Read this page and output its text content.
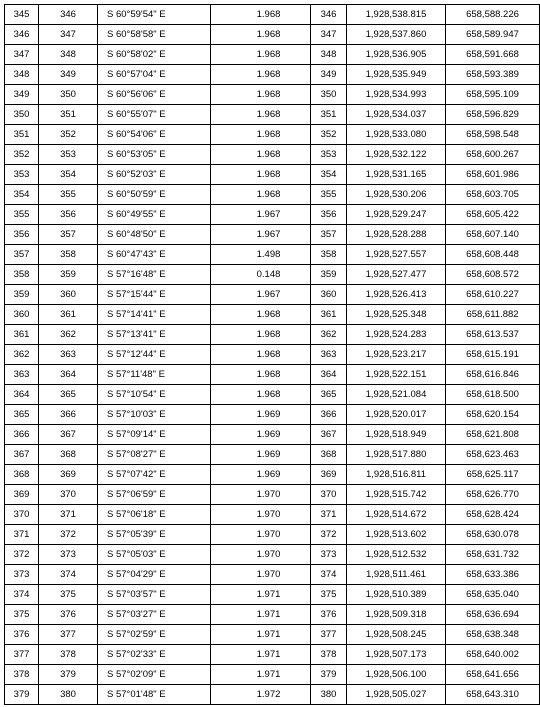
345	346	S 60°59'54" E	1.968	346	1,928,538.815	658,588.226
346	347	S 60°58'58" E	1.968	347	1,928,537.860	658,589.947
347	348	S 60°58'02" E	1.968	348	1,928,536.905	658,591.668
348	349	S 60°57'04" E	1.968	349	1,928,535.949	658,593.389
349	350	S 60°56'06" E	1.968	350	1,928,534.993	658,595.109
350	351	S 60°55'07" E	1.968	351	1,928,534.037	658,596.829
351	352	S 60°54'06" E	1.968	352	1,928,533.080	658,598.548
352	353	S 60°53'05" E	1.968	353	1,928,532.122	658,600.267
353	354	S 60°52'03" E	1.968	354	1,928,531.165	658,601.986
354	355	S 60°50'59" E	1.968	355	1,928,530.206	658,603.705
355	356	S 60°49'55" E	1.967	356	1,928,529.247	658,605.422
356	357	S 60°48'50" E	1.967	357	1,928,528.288	658,607.140
357	358	S 60°47'43" E	1.498	358	1,928,527.557	658,608.448
358	359	S 57°16'48" E	0.148	359	1,928,527.477	658,608.572
359	360	S 57°15'44" E	1.967	360	1,928,526.413	658,610.227
360	361	S 57°14'41" E	1.968	361	1,928,525.348	658,611.882
361	362	S 57°13'41" E	1.968	362	1,928,524.283	658,613.537
362	363	S 57°12'44" E	1.968	363	1,928,523.217	658,615.191
363	364	S 57°11'48" E	1.968	364	1,928,522.151	658,616.846
364	365	S 57°10'54" E	1.968	365	1,928,521.084	658,618.500
365	366	S 57°10'03" E	1.969	366	1,928,520.017	658,620.154
366	367	S 57°09'14" E	1.969	367	1,928,518.949	658,621.808
367	368	S 57°08'27" E	1.969	368	1,928,517.880	658,623.463
368	369	S 57°07'42" E	1.969	369	1,928,516.811	658,625.117
369	370	S 57°06'59" E	1.970	370	1,928,515.742	658,626.770
370	371	S 57°06'18" E	1.970	371	1,928,514.672	658,628.424
371	372	S 57°05'39" E	1.970	372	1,928,513.602	658,630.078
372	373	S 57°05'03" E	1.970	373	1,928,512.532	658,631.732
373	374	S 57°04'29" E	1.970	374	1,928,511.461	658,633.386
374	375	S 57°03'57" E	1.971	375	1,928,510.389	658,635.040
375	376	S 57°03'27" E	1.971	376	1,928,509.318	658,636.694
376	377	S 57°02'59" E	1.971	377	1,928,508.245	658,638.348
377	378	S 57°02'33" E	1.971	378	1,928,507.173	658,640.002
378	379	S 57°02'09" E	1.971	379	1,928,506.100	658,641.656
379	380	S 57°01'48" E	1.972	380	1,928,505.027	658,643.310
